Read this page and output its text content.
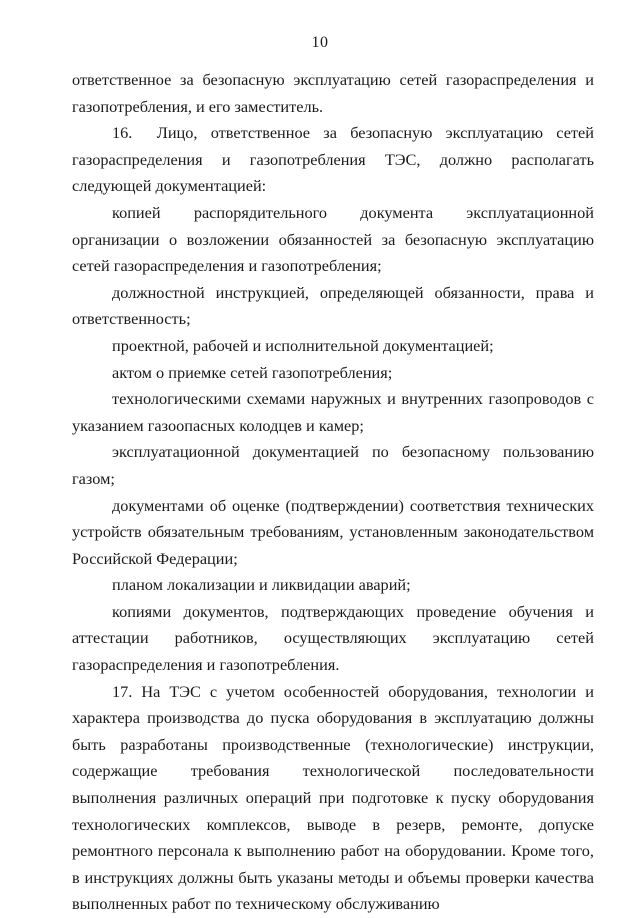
10

ответственное за безопасную эксплуатацию сетей газораспределения и газопотребления, и его заместитель.

16.  Лицо, ответственное за безопасную эксплуатацию сетей газораспределения и газопотребления ТЭС, должно располагать следующей документацией:

копией распорядительного документа эксплуатационной организации о возложении обязанностей за безопасную эксплуатацию сетей газораспределения и газопотребления;

должностной инструкцией, определяющей обязанности, права и ответственность;

проектной, рабочей и исполнительной документацией;

актом о приемке сетей газопотребления;

технологическими схемами наружных и внутренних газопроводов с указанием газоопасных колодцев и камер;

эксплуатационной документацией по безопасному пользованию газом;

документами об оценке (подтверждении) соответствия технических устройств обязательным требованиям, установленным законодательством Российской Федерации;

планом локализации и ликвидации аварий;

копиями документов, подтверждающих проведение обучения и аттестации работников, осуществляющих эксплуатацию сетей газораспределения и газопотребления.

17. На ТЭС с учетом особенностей оборудования, технологии и характера производства до пуска оборудования в эксплуатацию должны быть разработаны производственные (технологические) инструкции, содержащие требования технологической последовательности выполнения различных операций при подготовке к пуску оборудования технологических комплексов, выводе в резерв, ремонте, допуске ремонтного персонала к выполнению работ на оборудовании. Кроме того, в инструкциях должны быть указаны методы и объемы проверки качества выполненных работ по техническому обслуживанию
